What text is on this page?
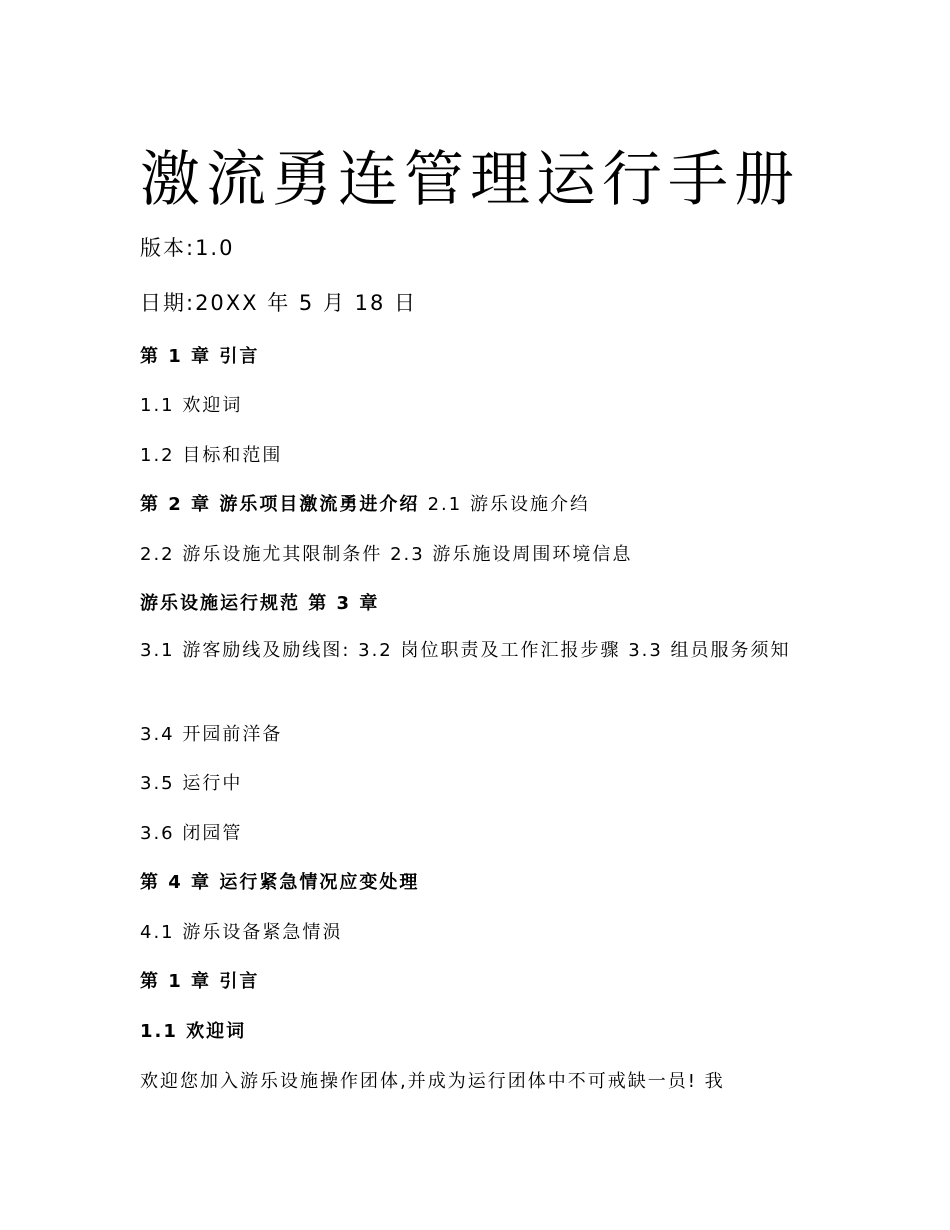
激流勇连管理运行手册
版本:1.0
日期:20XX 年 5 月 18 日
第 1 章 引言
1.1 欢迎词
1.2 目标和范围
第 2 章 游乐项目激流勇进介绍 2.1 游乐设施介绉
2.2 游乐设施尤其限制条件 2.3 游乐施设周围环境信息
游乐设施运行规范 第 3 章
3.1 游客励线及励线图: 3.2 岗位职责及工作汇报步骤 3.3 组员服务须知
3.4 开园前洋备
3.5 运行中
3.6 闭园管
第 4 章 运行紧急情况应变处理
4.1 游乐设备紧急情涢
第 1 章 引言
1.1 欢迎词
欢迎您加入游乐设施操作团体,并成为运行团体中不可戒缺一员! 我
